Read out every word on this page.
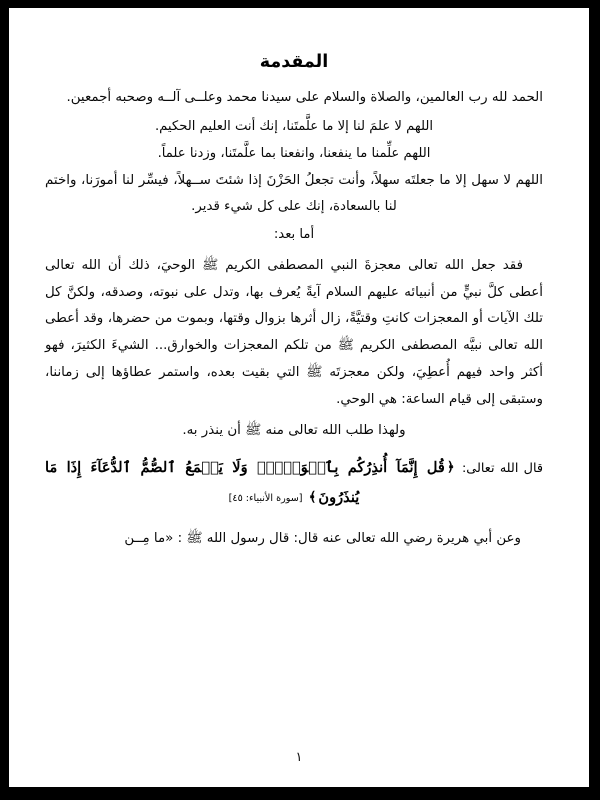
المقدمة

الحمد لله رب العالمين، والصلاة والسلام على سيدنا محمد وعلــى آلــه وصحبه أجمعين.

اللهم لا علمَ لنا إلا ما علَّمتَنا، إنك أنت العليم الحكيم.

اللهم علِّمنا ما ينفعنا، وانفعنا بما علَّمتَنا، وزدنا علماً.

اللهم لا سهل إلا ما جعلتَه سهلاً، وأنت تجعلُ الحَزْنَ إذا شئتَ ســهلاً، فيسِّر لنا أمورَنا، واختم لنا بالسعادة، إنك على كل شيء قدير.

أما بعد:

فقد جعل الله تعالى معجزةَ النبي المصطفى الكريم ﷺ الوحيَ، ذلك أن الله تعالى أعطى كلَّ نبيٍّ من أنبيائه عليهم السلام آيةً يُعرف بها، وتدل على نبوته، وصدقه، ولكنَّ كل تلك الآيات أو المعجزات كانتِ وقتيَّةً، زال أثرها بزوال وقتها، وبموت من حضرها، وقد أعطى الله تعالى نبيَّه المصطفى الكريم ﷺ من تلكم المعجزات والخوارق... الشيءَ الكثيرَ، فهو أكثر واحد فيهم أُعطِيَ، ولكن معجزتَه ﷺ التي بقيت بعده، واستمر عطاؤها إلى زماننا، وستبقى إلى قيام الساعة: هي الوحي.

ولهذا طلب الله تعالى منه ﷺ أن ينذر به.

قال الله تعالى: ﴿قُل إِنَّمَآ أُنذِرُكُم بِٱلۡوَحۡىِۚ وَلَا يَسۡمَعُ ٱلصُّمُّ ٱلدُّعَآءَ إِذَا مَا يُنذَرُونَ﴾ [سورة الأنبياء: ٤٥]

وعن أبي هريرة رضي الله تعالى عنه قال: قال رسول الله ﷺ : «ما مِــن

١
